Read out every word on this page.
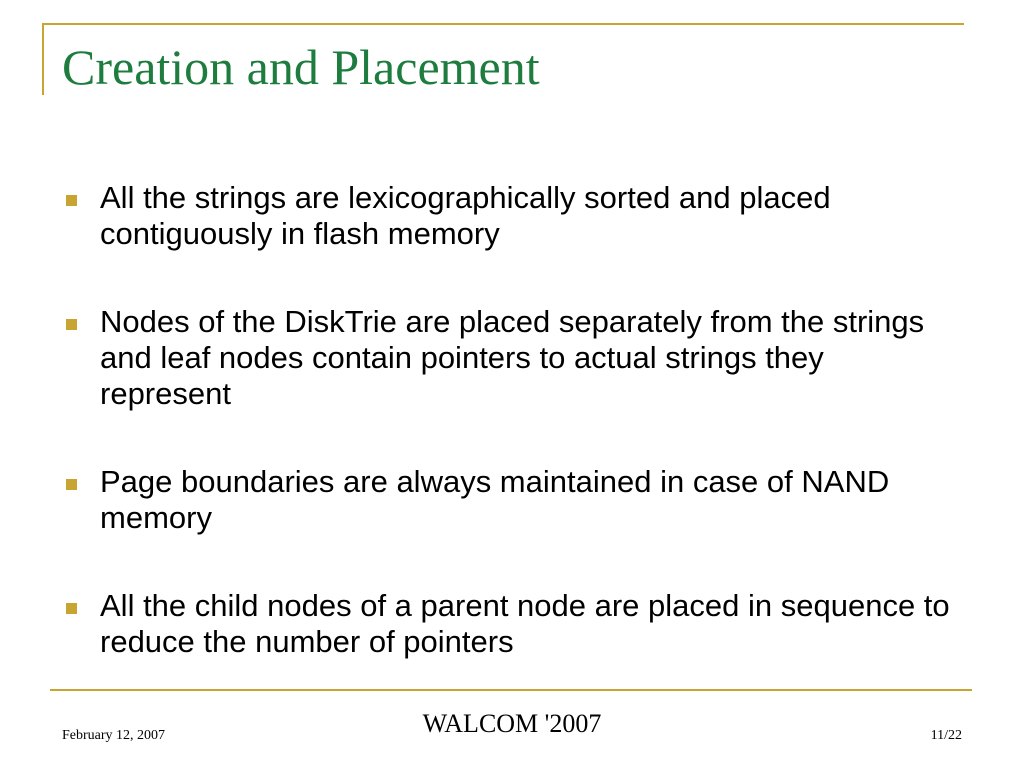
Creation and Placement
All the strings are lexicographically sorted and placed contiguously in flash memory
Nodes of the DiskTrie are placed separately from the strings and leaf nodes contain pointers to actual strings they represent
Page boundaries are always maintained in case of NAND memory
All the child nodes of a parent node are placed in sequence to reduce the number of pointers
February 12, 2007	WALCOM '2007	11/22
